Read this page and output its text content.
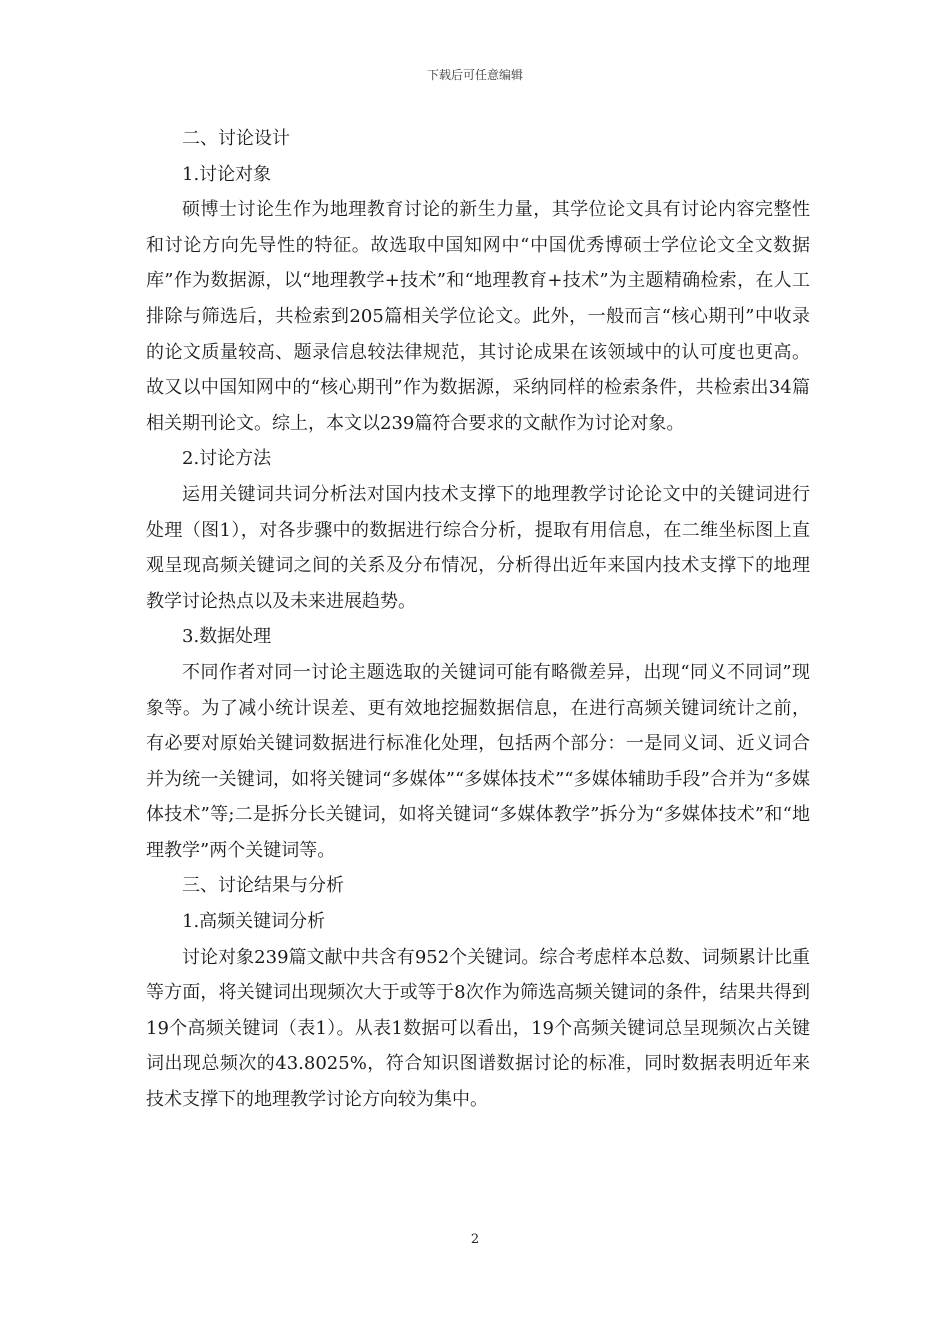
下载后可任意编辑
二、讨论设计
1.讨论对象

硕博士讨论生作为地理教育讨论的新生力量，其学位论文具有讨论内容完整性和讨论方向先导性的特征。故选取中国知网中“中国优秀博硕士学位论文全文数据库”作为数据源，以“地理教学+技术”和“地理教育+技术”为主题精确检索，在人工排除与筛选后，共检索到205篇相关学位论文。此外，一般而言“核心期刊”中收录的论文质量较高、题录信息较法律规范，其讨论成果在该领域中的认可度也更高。故又以中国知网中的“核心期刊”作为数据源，采纳同样的检索条件，共检索出34篇相关期刊论文。综上，本文以239篇符合要求的文献作为讨论对象。

2.讨论方法

运用关键词共词分析法对国内技术支撑下的地理教学讨论论文中的关键词进行处理（图1），对各步骤中的数据进行综合分析，提取有用信息，在二维坐标图上直观呈现高频关键词之间的关系及分布情况，分析得出近年来国内技术支撑下的地理教学讨论热点以及未来进展趋势。

3.数据处理

不同作者对同一讨论主题选取的关键词可能有略微差异，出现“同义不同词”现象等。为了减小统计误差、更有效地挖掘数据信息，在进行高频关键词统计之前，有必要对原始关键词数据进行标准化处理，包括两个部分：一是同义词、近义词合并为统一关键词，如将关键词“多媒体”“多媒体技术”“多媒体辅助手段”合并为“多媒体技术”等;二是拆分长关键词，如将关键词“多媒体教学”拆分为“多媒体技术”和“地理教学”两个关键词等。

三、讨论结果与分析
1.高频关键词分析

讨论对象239篇文献中共含有952个关键词。综合考虑样本总数、词频累计比重等方面，将关键词出现频次大于或等于8次作为筛选高频关键词的条件，结果共得到19个高频关键词（表1）。从表1数据可以看出，19个高频关键词总呈现频次占关键词出现总频次的43.8025%，符合知识图谱数据讨论的标准，同时数据表明近年来技术支撑下的地理教学讨论方向较为集中。

2
